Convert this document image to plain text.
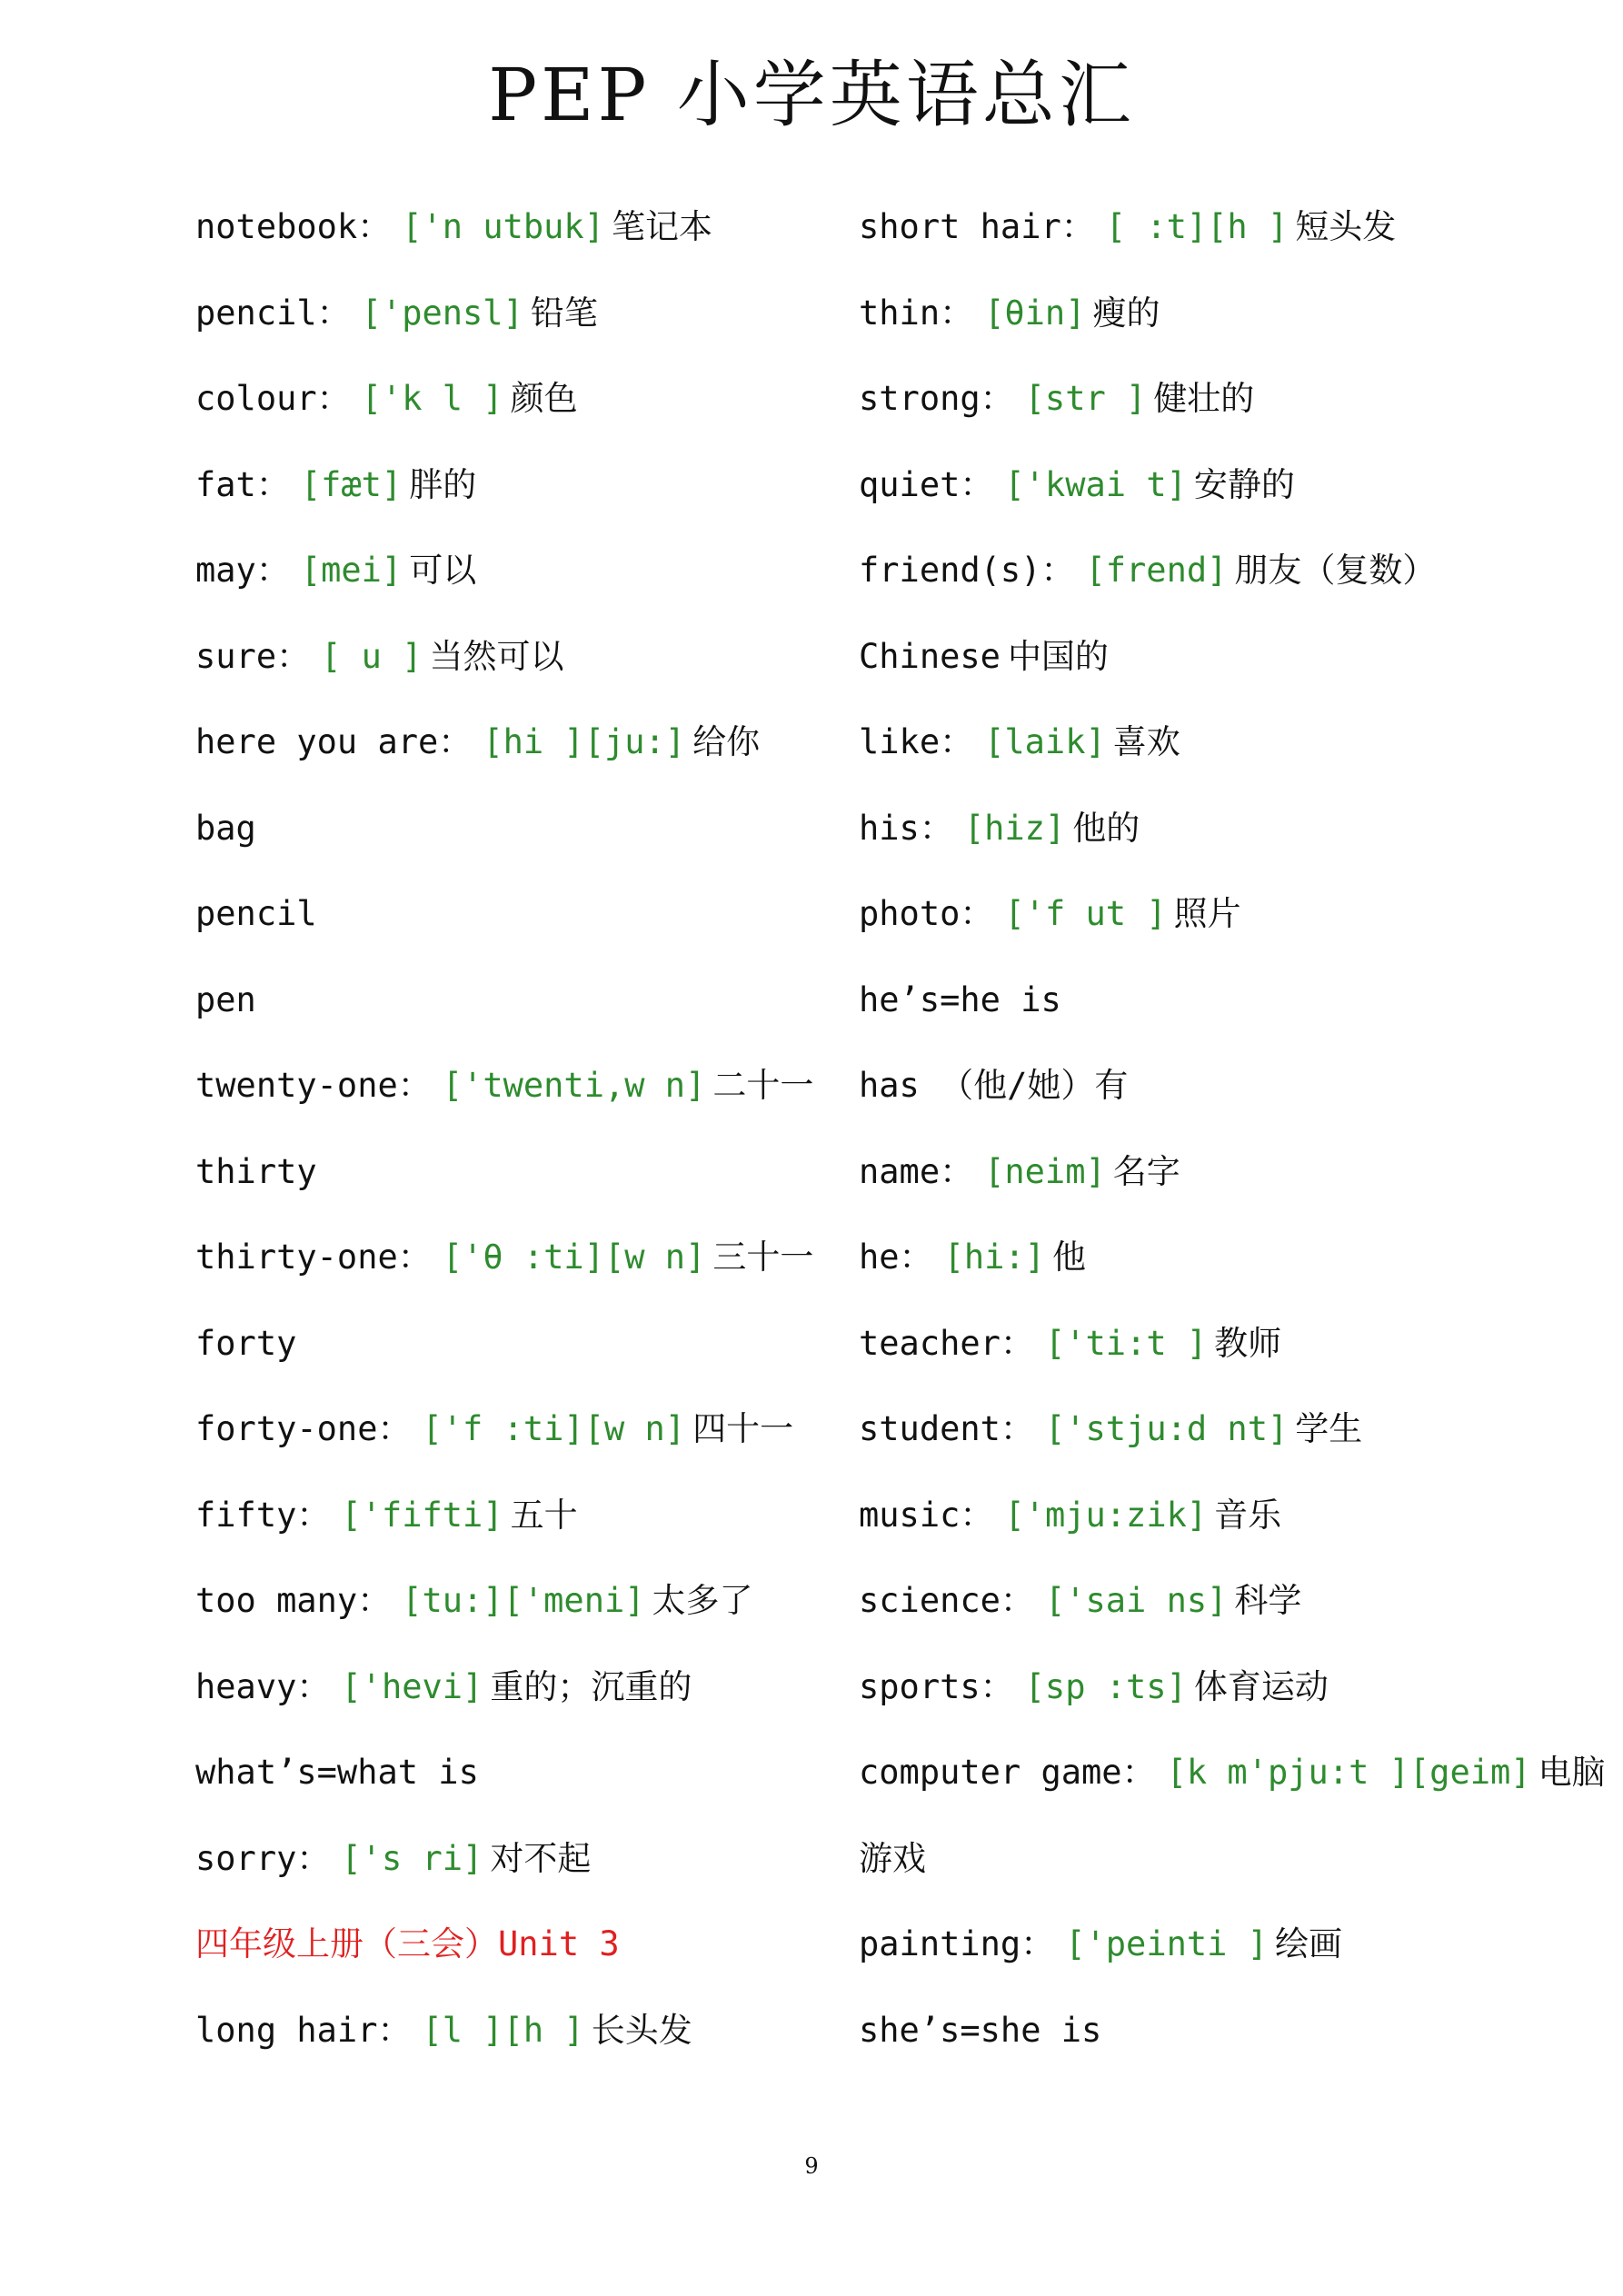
PEP 小学英语总汇
notebook： ['n utbuk] 笔记本
pencil： ['pensl] 铅笔
colour： ['k l ] 颜色
fat： [fæt] 胖的
may： [mei] 可以
sure： [ u ] 当然可以
here you are： [hi ][ju:] 给你
bag
pencil
pen
twenty-one： ['twenti,w n] 二十一
thirty
thirty-one： ['θ :ti][w n] 三十一
forty
forty-one： ['f :ti][w n] 四十一
fifty： ['fifti] 五十
too many： [tu:]['meni] 太多了
heavy： ['hevi] 重的；沉重的
what’s=what is
sorry： ['s ri] 对不起
四年级上册（三会）Unit 3
long hair： [l ][h ] 长头发
short hair： [ :t][h ] 短头发
thin： [θin] 瘦的
strong： [str ] 健壮的
quiet： ['kwai t] 安静的
friend(s)： [frend] 朋友（复数）
Chinese 中国的
like： [laik] 喜欢
his： [hiz] 他的
photo： ['f ut ] 照片
he’s=he is
has （他/她）有
name： [neim] 名字
he： [hi:] 他
teacher： ['ti:t ] 教师
student： ['stju:d nt] 学生
music： ['mju:zik] 音乐
science： ['sai ns] 科学
sports： [sp :ts] 体育运动
computer game： [k m'pju:t ][geim] 电脑
游戏
painting： ['peinti ] 绘画
she’s=she is
9
